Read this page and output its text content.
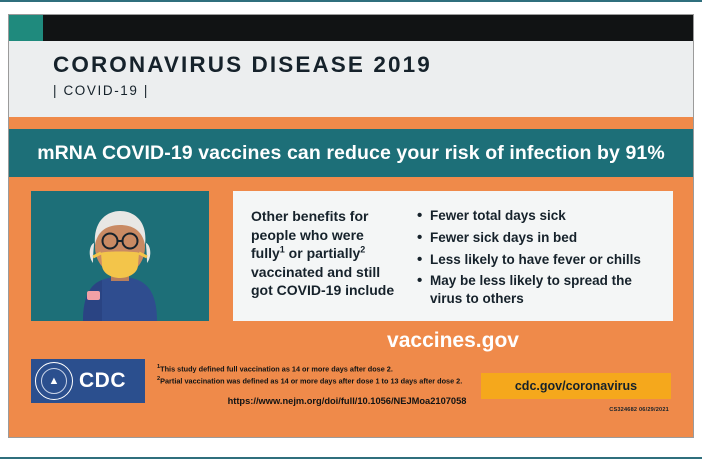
CORONAVIRUS DISEASE 2019
| COVID-19 |
mRNA COVID-19 vaccines can reduce your risk of infection by 91%
Other benefits for
people who were
fully$^1$ or partially$^2$
vaccinated and still
got COVID-19 include
• Fewer total days sick
• Fewer sick days in bed
• Less likely to have fever or chills
• May be less likely to spread the virus to others
vaccines.gov
▲ CDC
$^1$This study defined full vaccination as 14 or more days after dose 2.
$^2$Partial vaccination was defined as 14 or more days after dose 1 to 13 days after dose 2.
https://www.nejm.org/doi/full/10.1056/NEJMoa2107058
cdc.gov/coronavirus
CS324682 06/29/2021
